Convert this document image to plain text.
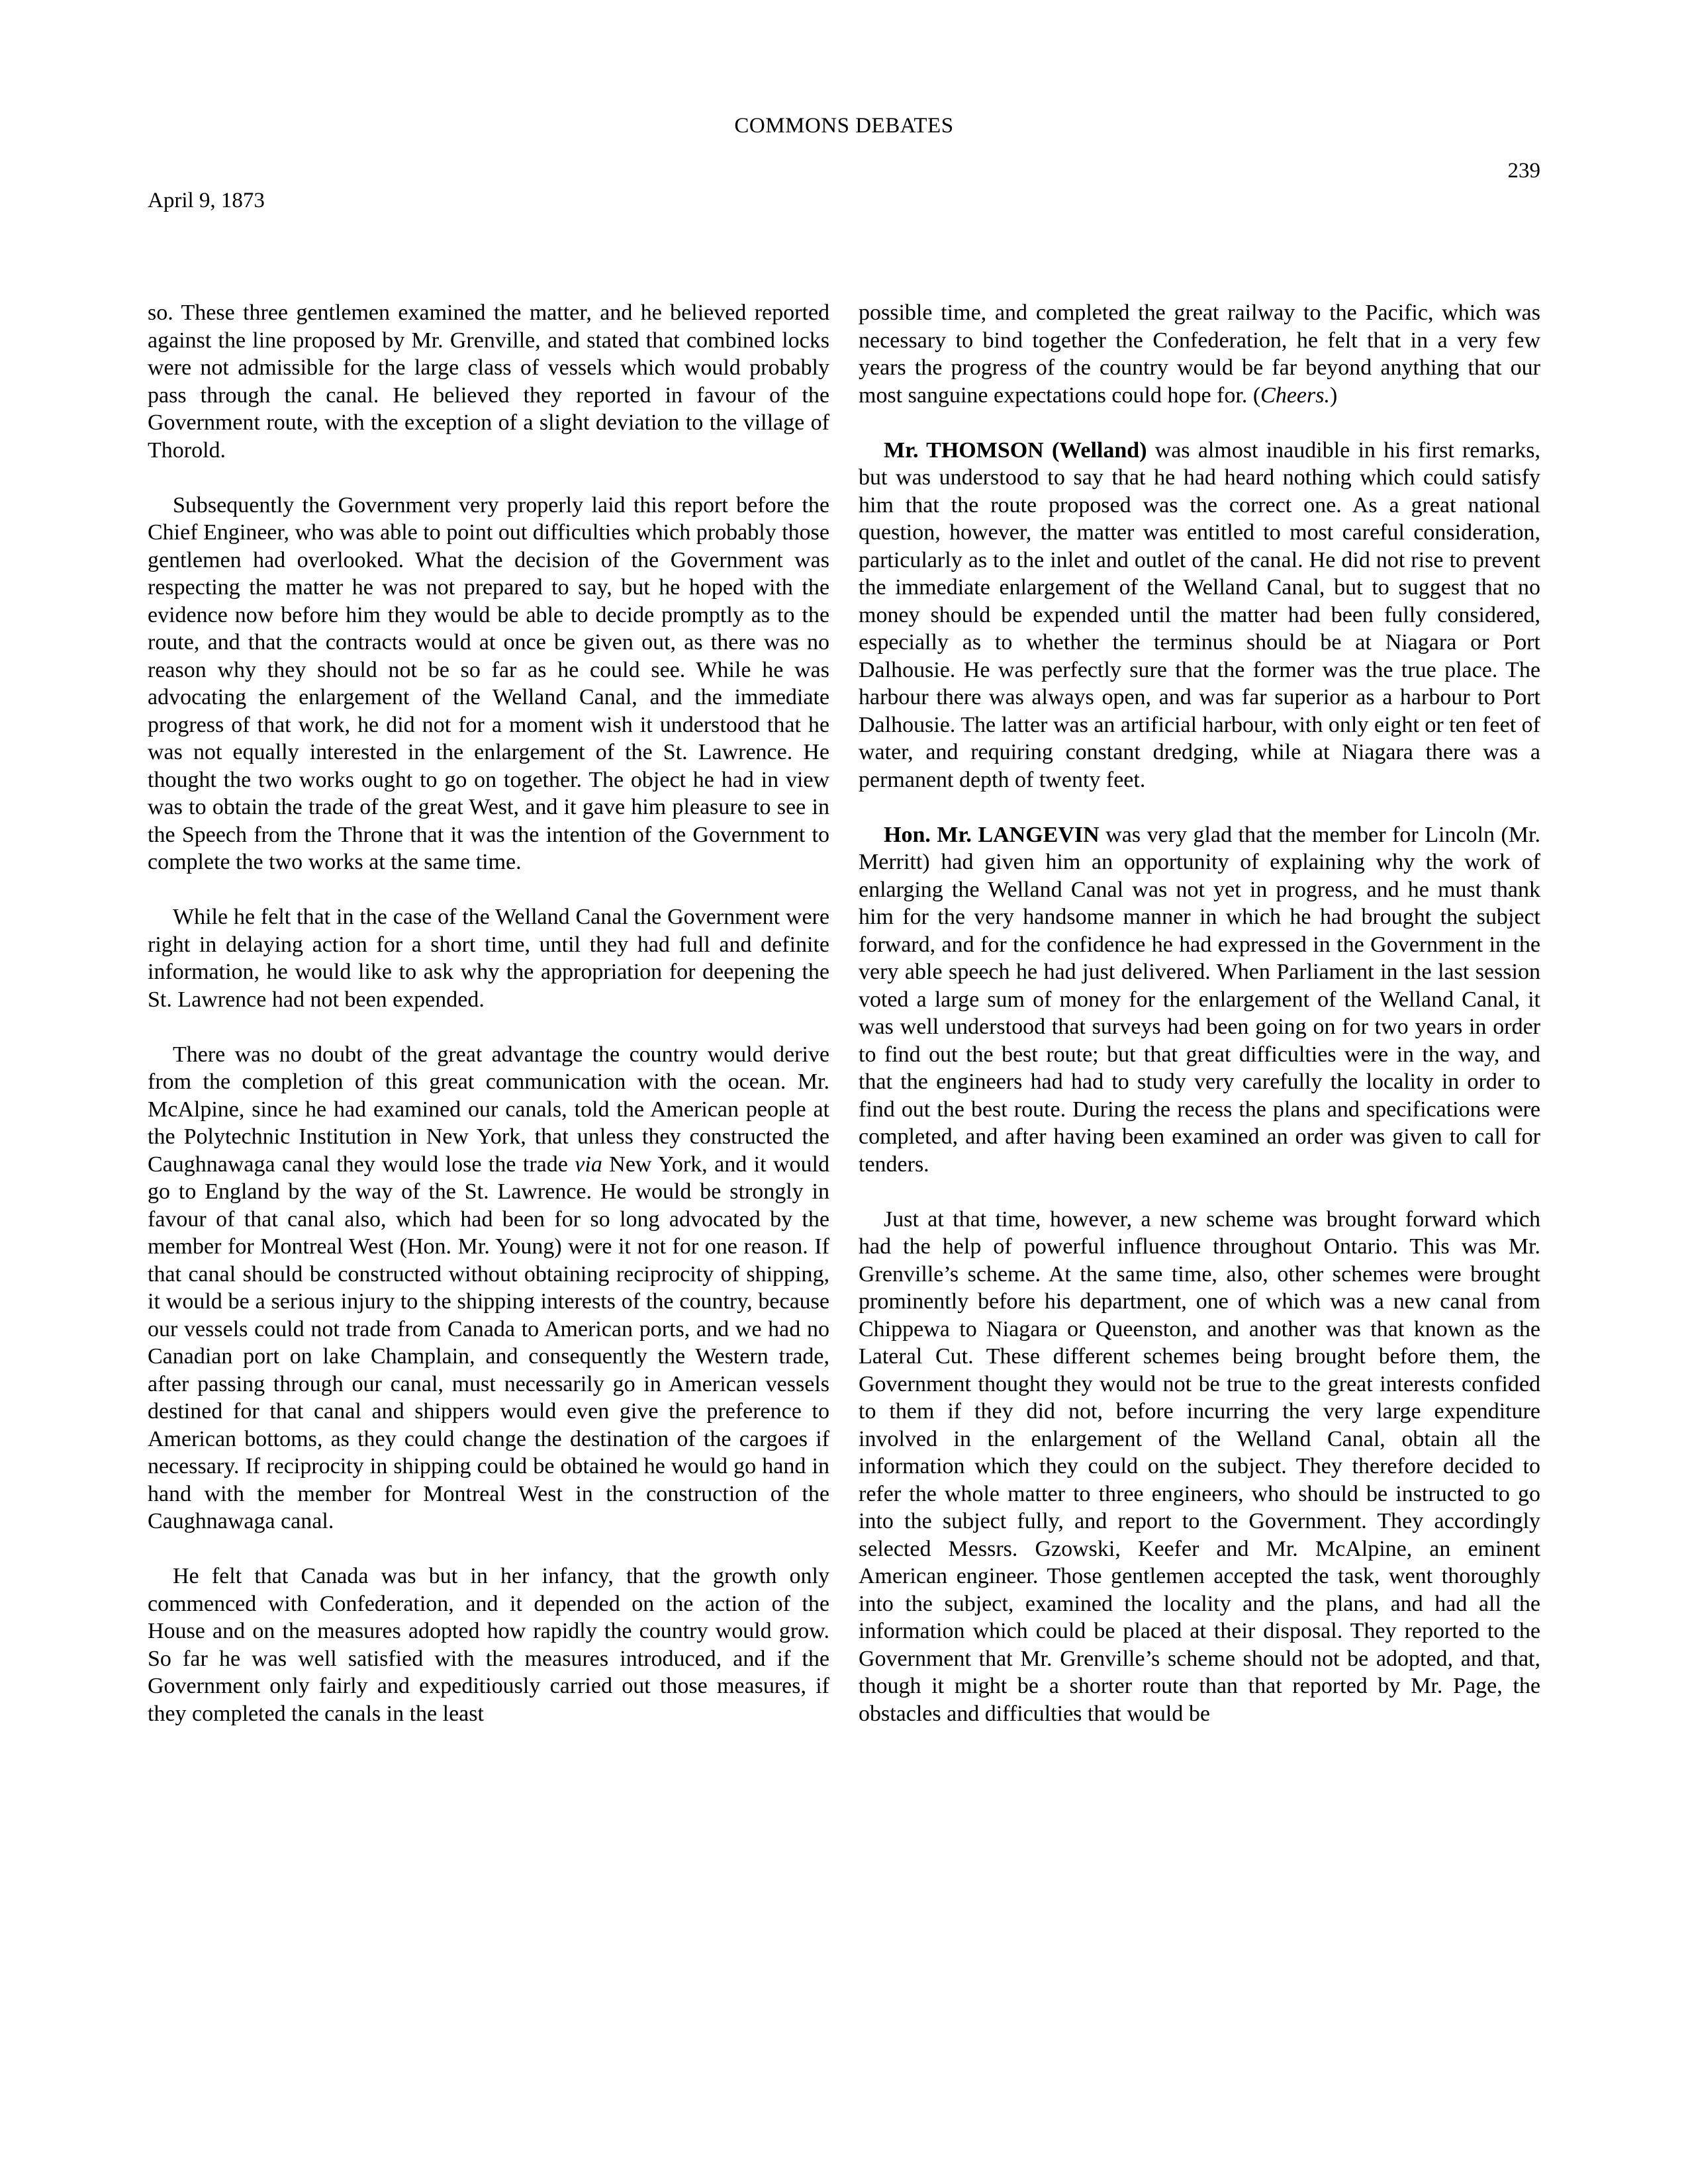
COMMONS DEBATES
239
April 9, 1873

so. These three gentlemen examined the matter, and he believed reported against the line proposed by Mr. Grenville, and stated that combined locks were not admissible for the large class of vessels which would probably pass through the canal. He believed they reported in favour of the Government route, with the exception of a slight deviation to the village of Thorold.

Subsequently the Government very properly laid this report before the Chief Engineer, who was able to point out difficulties which probably those gentlemen had overlooked. What the decision of the Government was respecting the matter he was not prepared to say, but he hoped with the evidence now before him they would be able to decide promptly as to the route, and that the contracts would at once be given out, as there was no reason why they should not be so far as he could see. While he was advocating the enlargement of the Welland Canal, and the immediate progress of that work, he did not for a moment wish it understood that he was not equally interested in the enlargement of the St. Lawrence. He thought the two works ought to go on together. The object he had in view was to obtain the trade of the great West, and it gave him pleasure to see in the Speech from the Throne that it was the intention of the Government to complete the two works at the same time.

While he felt that in the case of the Welland Canal the Government were right in delaying action for a short time, until they had full and definite information, he would like to ask why the appropriation for deepening the St. Lawrence had not been expended.

There was no doubt of the great advantage the country would derive from the completion of this great communication with the ocean. Mr. McAlpine, since he had examined our canals, told the American people at the Polytechnic Institution in New York, that unless they constructed the Caughnawaga canal they would lose the trade via New York, and it would go to England by the way of the St. Lawrence. He would be strongly in favour of that canal also, which had been for so long advocated by the member for Montreal West (Hon. Mr. Young) were it not for one reason. If that canal should be constructed without obtaining reciprocity of shipping, it would be a serious injury to the shipping interests of the country, because our vessels could not trade from Canada to American ports, and we had no Canadian port on lake Champlain, and consequently the Western trade, after passing through our canal, must necessarily go in American vessels destined for that canal and shippers would even give the preference to American bottoms, as they could change the destination of the cargoes if necessary. If reciprocity in shipping could be obtained he would go hand in hand with the member for Montreal West in the construction of the Caughnawaga canal.

He felt that Canada was but in her infancy, that the growth only commenced with Confederation, and it depended on the action of the House and on the measures adopted how rapidly the country would grow. So far he was well satisfied with the measures introduced, and if the Government only fairly and expeditiously carried out those measures, if they completed the canals in the least

possible time, and completed the great railway to the Pacific, which was necessary to bind together the Confederation, he felt that in a very few years the progress of the country would be far beyond anything that our most sanguine expectations could hope for. (Cheers.)

Mr. THOMSON (Welland) was almost inaudible in his first remarks, but was understood to say that he had heard nothing which could satisfy him that the route proposed was the correct one. As a great national question, however, the matter was entitled to most careful consideration, particularly as to the inlet and outlet of the canal. He did not rise to prevent the immediate enlargement of the Welland Canal, but to suggest that no money should be expended until the matter had been fully considered, especially as to whether the terminus should be at Niagara or Port Dalhousie. He was perfectly sure that the former was the true place. The harbour there was always open, and was far superior as a harbour to Port Dalhousie. The latter was an artificial harbour, with only eight or ten feet of water, and requiring constant dredging, while at Niagara there was a permanent depth of twenty feet.

Hon. Mr. LANGEVIN was very glad that the member for Lincoln (Mr. Merritt) had given him an opportunity of explaining why the work of enlarging the Welland Canal was not yet in progress, and he must thank him for the very handsome manner in which he had brought the subject forward, and for the confidence he had expressed in the Government in the very able speech he had just delivered. When Parliament in the last session voted a large sum of money for the enlargement of the Welland Canal, it was well understood that surveys had been going on for two years in order to find out the best route; but that great difficulties were in the way, and that the engineers had had to study very carefully the locality in order to find out the best route. During the recess the plans and specifications were completed, and after having been examined an order was given to call for tenders.

Just at that time, however, a new scheme was brought forward which had the help of powerful influence throughout Ontario. This was Mr. Grenville’s scheme. At the same time, also, other schemes were brought prominently before his department, one of which was a new canal from Chippewa to Niagara or Queenston, and another was that known as the Lateral Cut. These different schemes being brought before them, the Government thought they would not be true to the great interests confided to them if they did not, before incurring the very large expenditure involved in the enlargement of the Welland Canal, obtain all the information which they could on the subject. They therefore decided to refer the whole matter to three engineers, who should be instructed to go into the subject fully, and report to the Government. They accordingly selected Messrs. Gzowski, Keefer and Mr. McAlpine, an eminent American engineer. Those gentlemen accepted the task, went thoroughly into the subject, examined the locality and the plans, and had all the information which could be placed at their disposal. They reported to the Government that Mr. Grenville’s scheme should not be adopted, and that, though it might be a shorter route than that reported by Mr. Page, the obstacles and difficulties that would be
